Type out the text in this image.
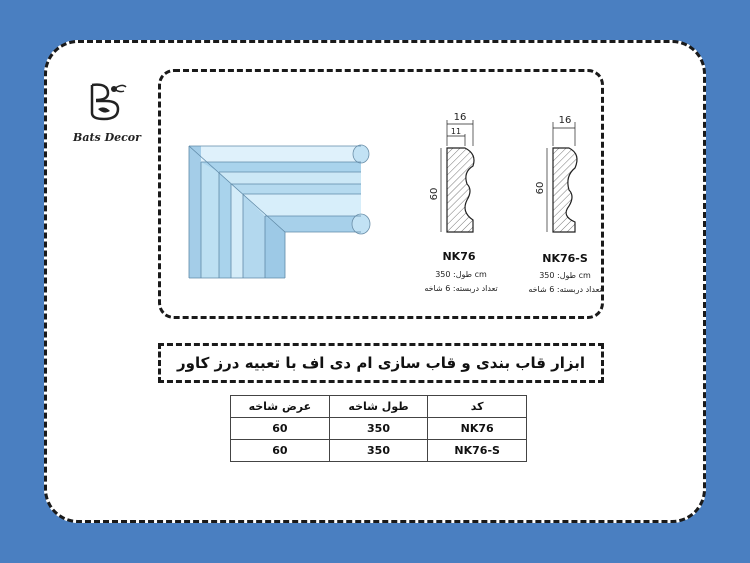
Bats Decor
16
11
60
NK76
طول: 350 cm
تعداد دربسته: 6 شاخه
16
60
NK76-S
طول: 350 cm
تعداد دربسته: 6 شاخه
ابزار قاب بندی و قاب سازی ام دی اف با تعبیه درز کاور
کد	طول شاخه	عرض شاخه
NK76	350	60
NK76-S	350	60
